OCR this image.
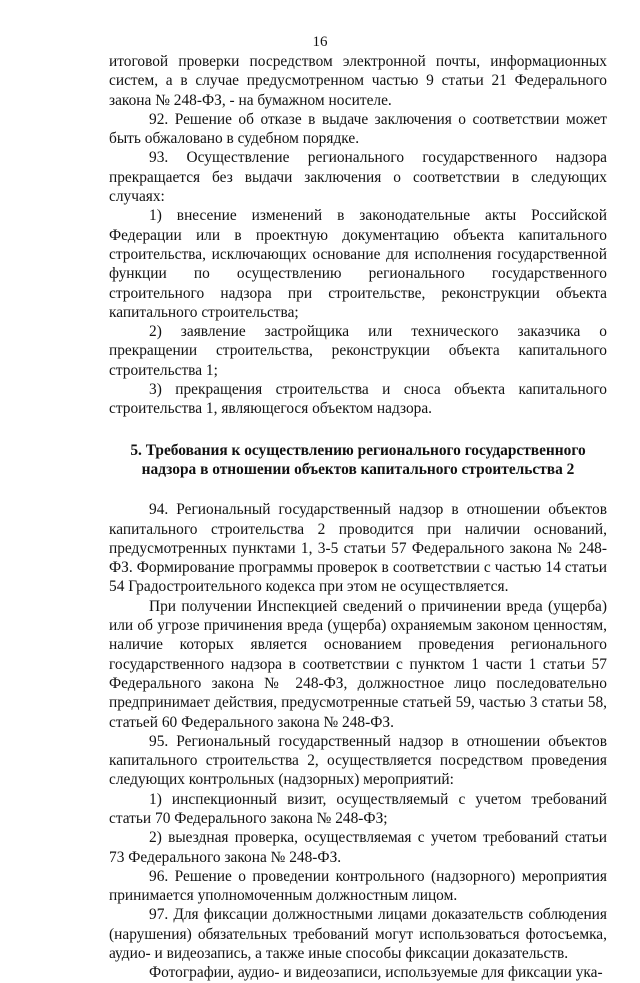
16

итоговой проверки посредством электронной почты, информационных систем, а в случае предусмотренном частью 9 статьи 21 Федерального закона № 248-ФЗ, - на бумажном носителе.

92. Решение об отказе в выдаче заключения о соответствии может быть обжаловано в судебном порядке.

93. Осуществление регионального государственного надзора прекращается без выдачи заключения о соответствии в следующих случаях:

1) внесение изменений в законодательные акты Российской Федерации или в проектную документацию объекта капитального строительства, исключающих основание для исполнения государственной функции по осуществлению регионального государственного строительного надзора при строительстве, реконструкции объекта капитального строительства;

2) заявление застройщика или технического заказчика о прекращении строительства, реконструкции объекта капитального строительства 1;

3) прекращения строительства и сноса объекта капитального строительства 1, являющегося объектом надзора.

5. Требования к осуществлению регионального государственного надзора в отношении объектов капитального строительства 2

94. Региональный государственный надзор в отношении объектов капитального строительства 2 проводится при наличии оснований, предусмотренных пунктами 1, 3-5 статьи 57 Федерального закона № 248-ФЗ. Формирование программы проверок в соответствии с частью 14 статьи 54 Градостроительного кодекса при этом не осуществляется.

При получении Инспекцией сведений о причинении вреда (ущерба) или об угрозе причинения вреда (ущерба) охраняемым законом ценностям, наличие которых является основанием проведения регионального государственного надзора в соответствии с пунктом 1 части 1 статьи 57 Федерального закона № 248-ФЗ, должностное лицо последовательно предпринимает действия, предусмотренные статьей 59, частью 3 статьи 58, статьей 60 Федерального закона № 248-ФЗ.

95. Региональный государственный надзор в отношении объектов капитального строительства 2, осуществляется посредством проведения следующих контрольных (надзорных) мероприятий:

1) инспекционный визит, осуществляемый с учетом требований статьи 70 Федерального закона № 248-ФЗ;

2) выездная проверка, осуществляемая с учетом требований статьи 73 Федерального закона № 248-ФЗ.

96. Решение о проведении контрольного (надзорного) мероприятия принимается уполномоченным должностным лицом.

97. Для фиксации должностными лицами доказательств соблюдения (нарушения) обязательных требований могут использоваться фотосъемка, аудио- и видеозапись, а также иные способы фиксации доказательств.

Фотографии, аудио- и видеозаписи, используемые для фиксации ука-
